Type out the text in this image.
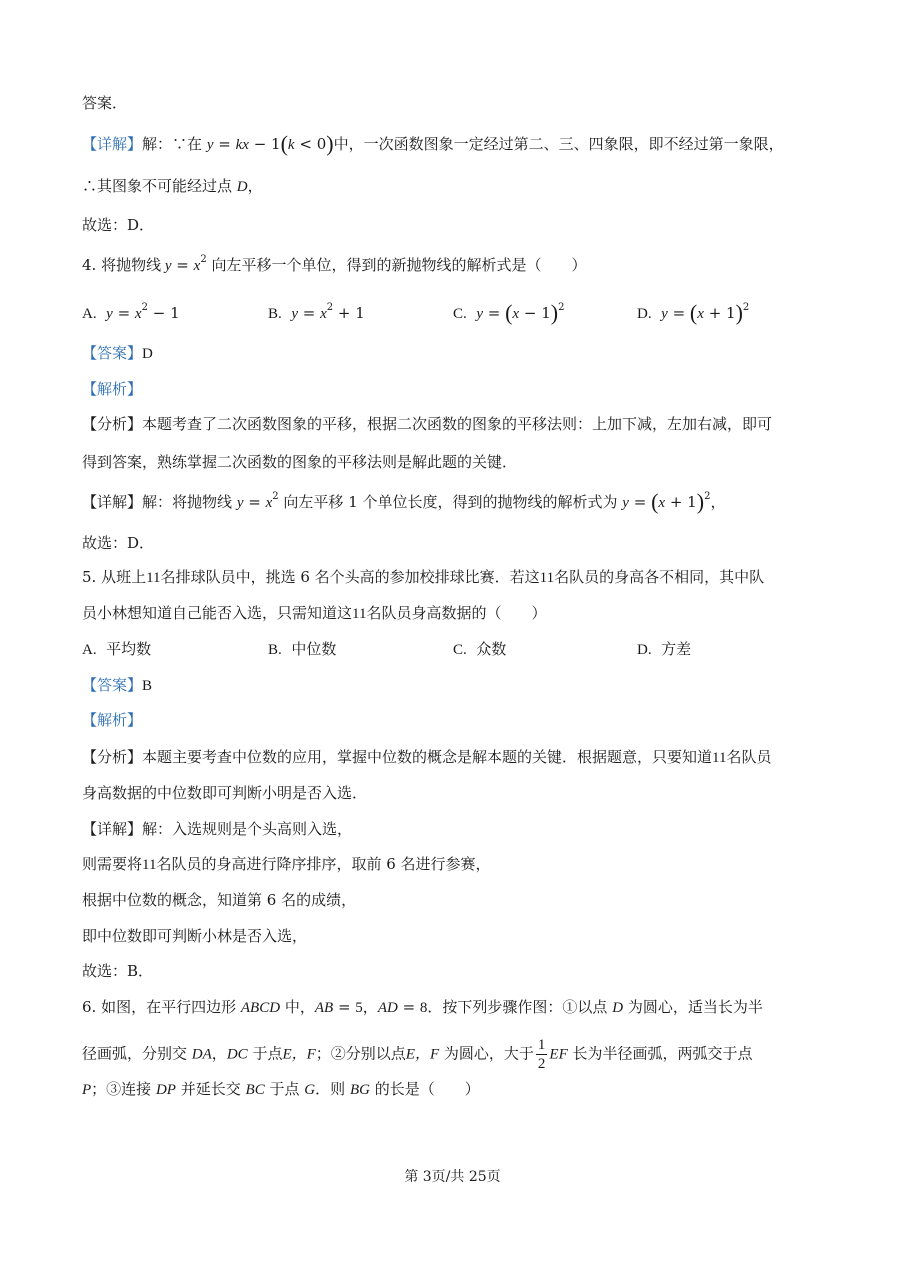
答案．
【详解】解：∵在 y = kx − 1(k < 0)中，一次函数图象一定经过第二、三、四象限，即不经过第一象限，
∴其图象不可能经过点 D，
故选：D．
4. 将抛物线 $y = x^2$ 向左平移一个单位，得到的新抛物线的解析式是（　　）
A. $y = x^2 - 1$	B. $y = x^2 + 1$	C. $y = (x - 1)^2$	D. $y = (x + 1)^2$
【答案】D
【解析】
【分析】本题考查了二次函数图象的平移，根据二次函数的图象的平移法则：上加下减，左加右减，即可
得到答案，熟练掌握二次函数的图象的平移法则是解此题的关键．
【详解】解：将抛物线 $y = x^2$ 向左平移 1 个单位长度，得到的抛物线的解析式为 $y = (x + 1)^2$，
故选：D．
5. 从班上11名排球队员中，挑选 6 名个头高的参加校排球比赛．若这11名队员的身高各不相同，其中队
员小林想知道自己能否入选，只需知道这11名队员身高数据的（　　）
A. 平均数	B. 中位数	C. 众数	D. 方差
【答案】B
【解析】
【分析】本题主要考查中位数的应用，掌握中位数的概念是解本题的关键．根据题意，只要知道11名队员
身高数据的中位数即可判断小明是否入选．
【详解】解：入选规则是个头高则入选，
则需要将11名队员的身高进行降序排序，取前 6 名进行参赛，
根据中位数的概念，知道第 6 名的成绩，
即中位数即可判断小林是否入选，
故选：B．
6. 如图，在平行四边形 ABCD 中，AB = 5，AD = 8．按下列步骤作图：①以点 D 为圆心，适当长为半
径画弧，分别交 DA，DC 于点E，F；②分别以点E，F 为圆心，大于 $\frac{1}{2}$ EF 长为半径画弧，两弧交于点
P；③连接 DP 并延长交 BC 于点 G．则 BG 的长是（　　）
第 3页/共 25页
